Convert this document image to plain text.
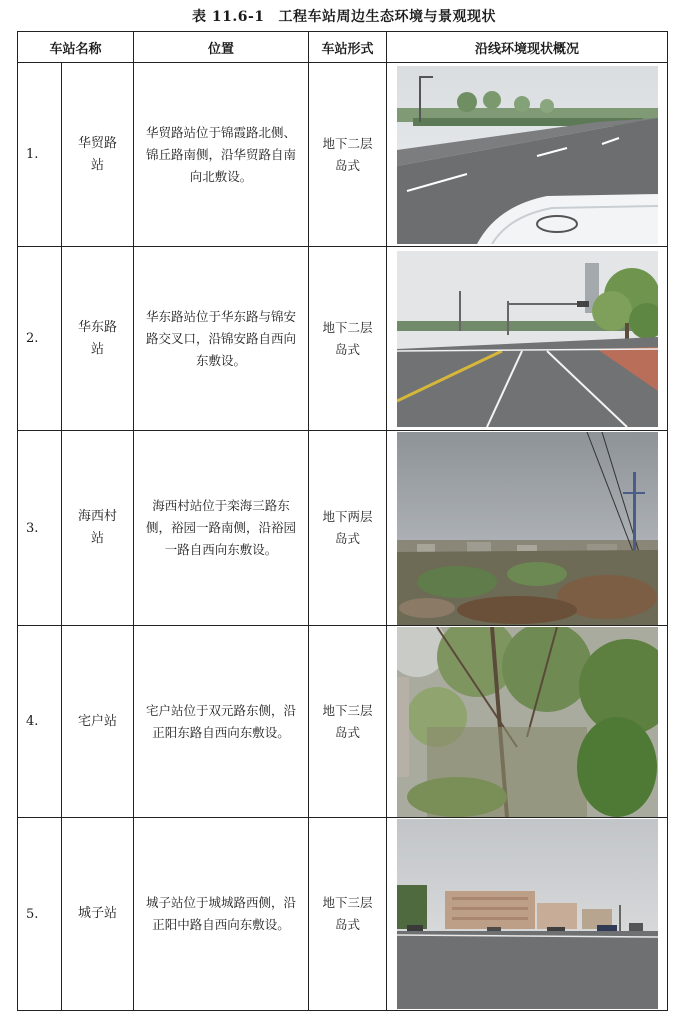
表 11.6-1 工程车站周边生态环境与景观现状
车站名称		位置	车站形式	沿线环境现状概况
1.	华贸路站	华贸路站位于锦霞路北侧、锦丘路南侧，沿华贸路自南向北敷设。	地下二层岛式	

2.	华东路站	华东路站位于华东路与锦安路交叉口，沿锦安路自西向东敷设。	地下二层岛式	

3.	海西村站	海西村站位于栾海三路东侧，裕园一路南侧，沿裕园一路自西向东敷设。	地下两层岛式	

4.	宅户站	宅户站位于双元路东侧，沿正阳东路自西向东敷设。	地下三层岛式	

5.	城子站	城子站位于城城路西侧，沿正阳中路自西向东敷设。	地下三层岛式	
